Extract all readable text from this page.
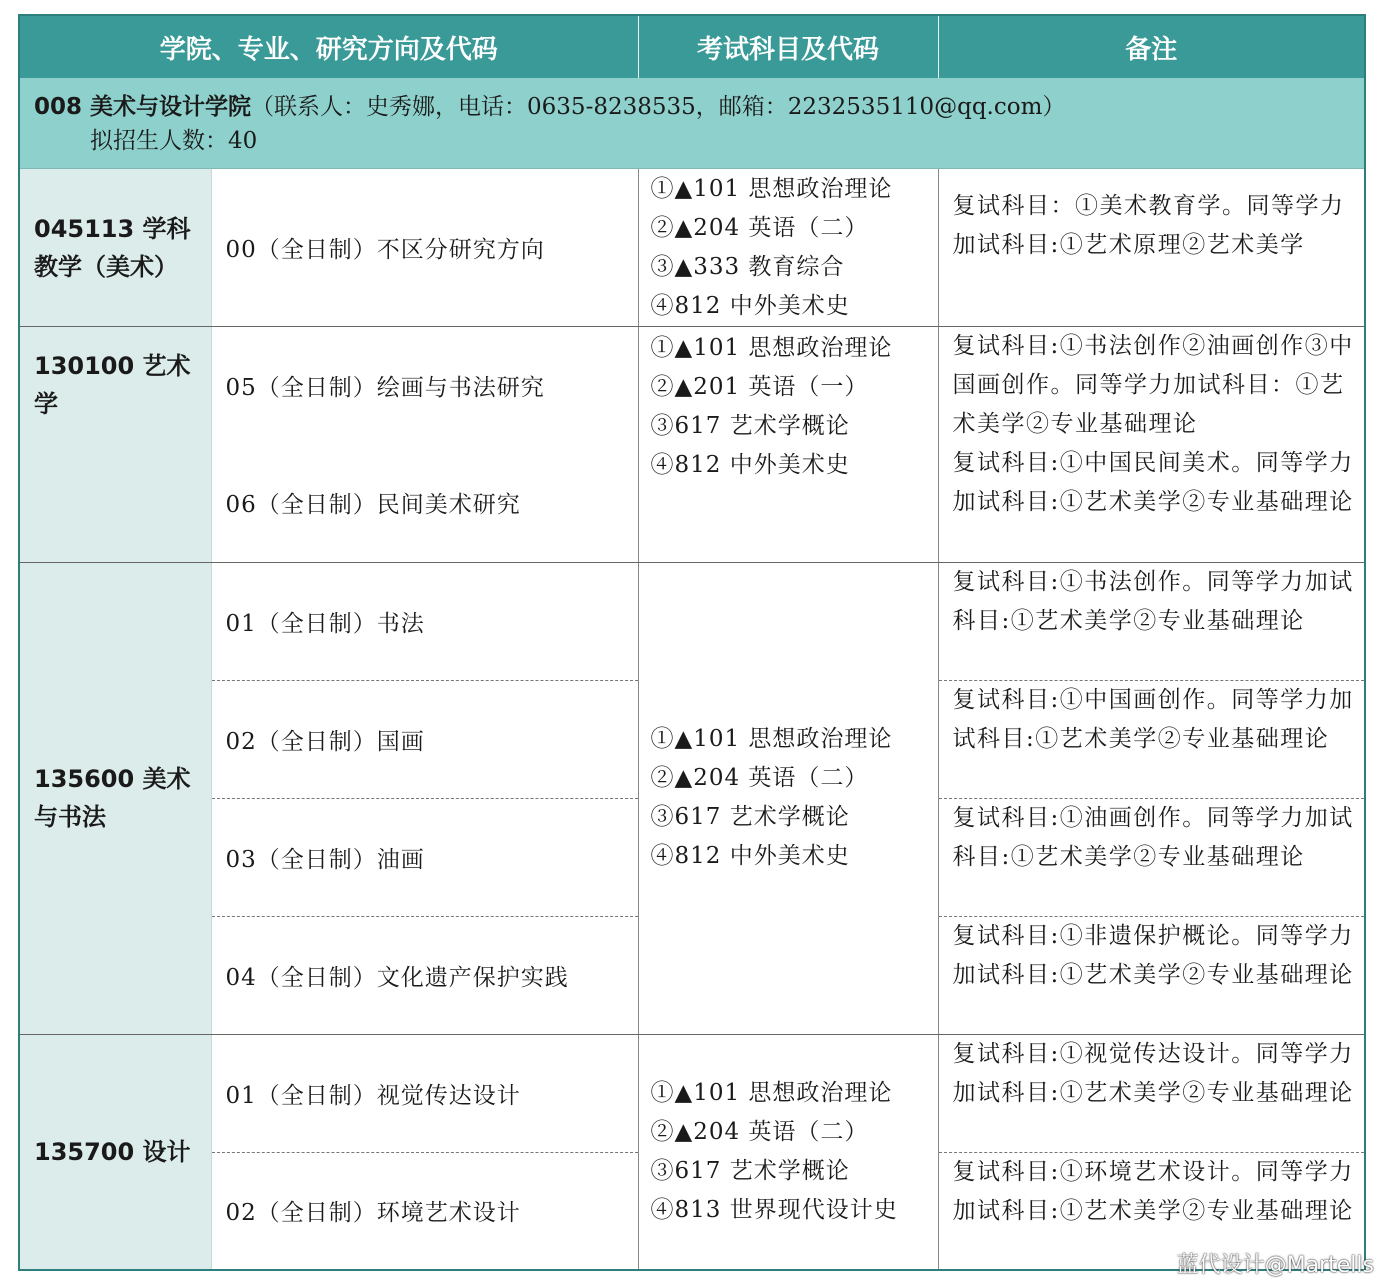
学院、专业、研究方向及代码		考试科目及代码	备注

008 美术与设计学院（联系人：史秀娜，电话：0635-8238535，邮箱：2232535110@qq.com）
拟招生人数：40			

045113 学科教学（美术）	00（全日制）不区分研究方向	①▲101 思想政治理论
②▲204 英语（二）
③▲333 教育综合
④812 中外美术史	复试科目：①美术教育学。同等学力加试科目:①艺术原理②艺术美学
130100 艺术学	05（全日制）绘画与书法研究	①▲101 思想政治理论
②▲201 英语（一）
③617 艺术学概论
④812 中外美术史	复试科目:①书法创作②油画创作③中国画创作。同等学力加试科目：①艺术美学②专业基础理论
	06（全日制）民间美术研究		复试科目:①中国民间美术。同等学力加试科目:①艺术美学②专业基础理论
135600 美术与书法	01（全日制）书法	①▲101 思想政治理论
②▲204 英语（二）
③617 艺术学概论
④812 中外美术史	复试科目:①书法创作。同等学力加试科目:①艺术美学②专业基础理论
	02（全日制）国画		复试科目:①中国画创作。同等学力加试科目:①艺术美学②专业基础理论
	03（全日制）油画		复试科目:①油画创作。同等学力加试科目:①艺术美学②专业基础理论
	04（全日制）文化遗产保护实践		复试科目:①非遗保护概论。同等学力加试科目:①艺术美学②专业基础理论
135700 设计	01（全日制）视觉传达设计	①▲101 思想政治理论
②▲204 英语（二）
③617 艺术学概论
④813 世界现代设计史	复试科目:①视觉传达设计。同等学力加试科目:①艺术美学②专业基础理论
	02（全日制）环境艺术设计		复试科目:①环境艺术设计。同等学力加试科目:①艺术美学②专业基础理论
蓝代设计@Martells
